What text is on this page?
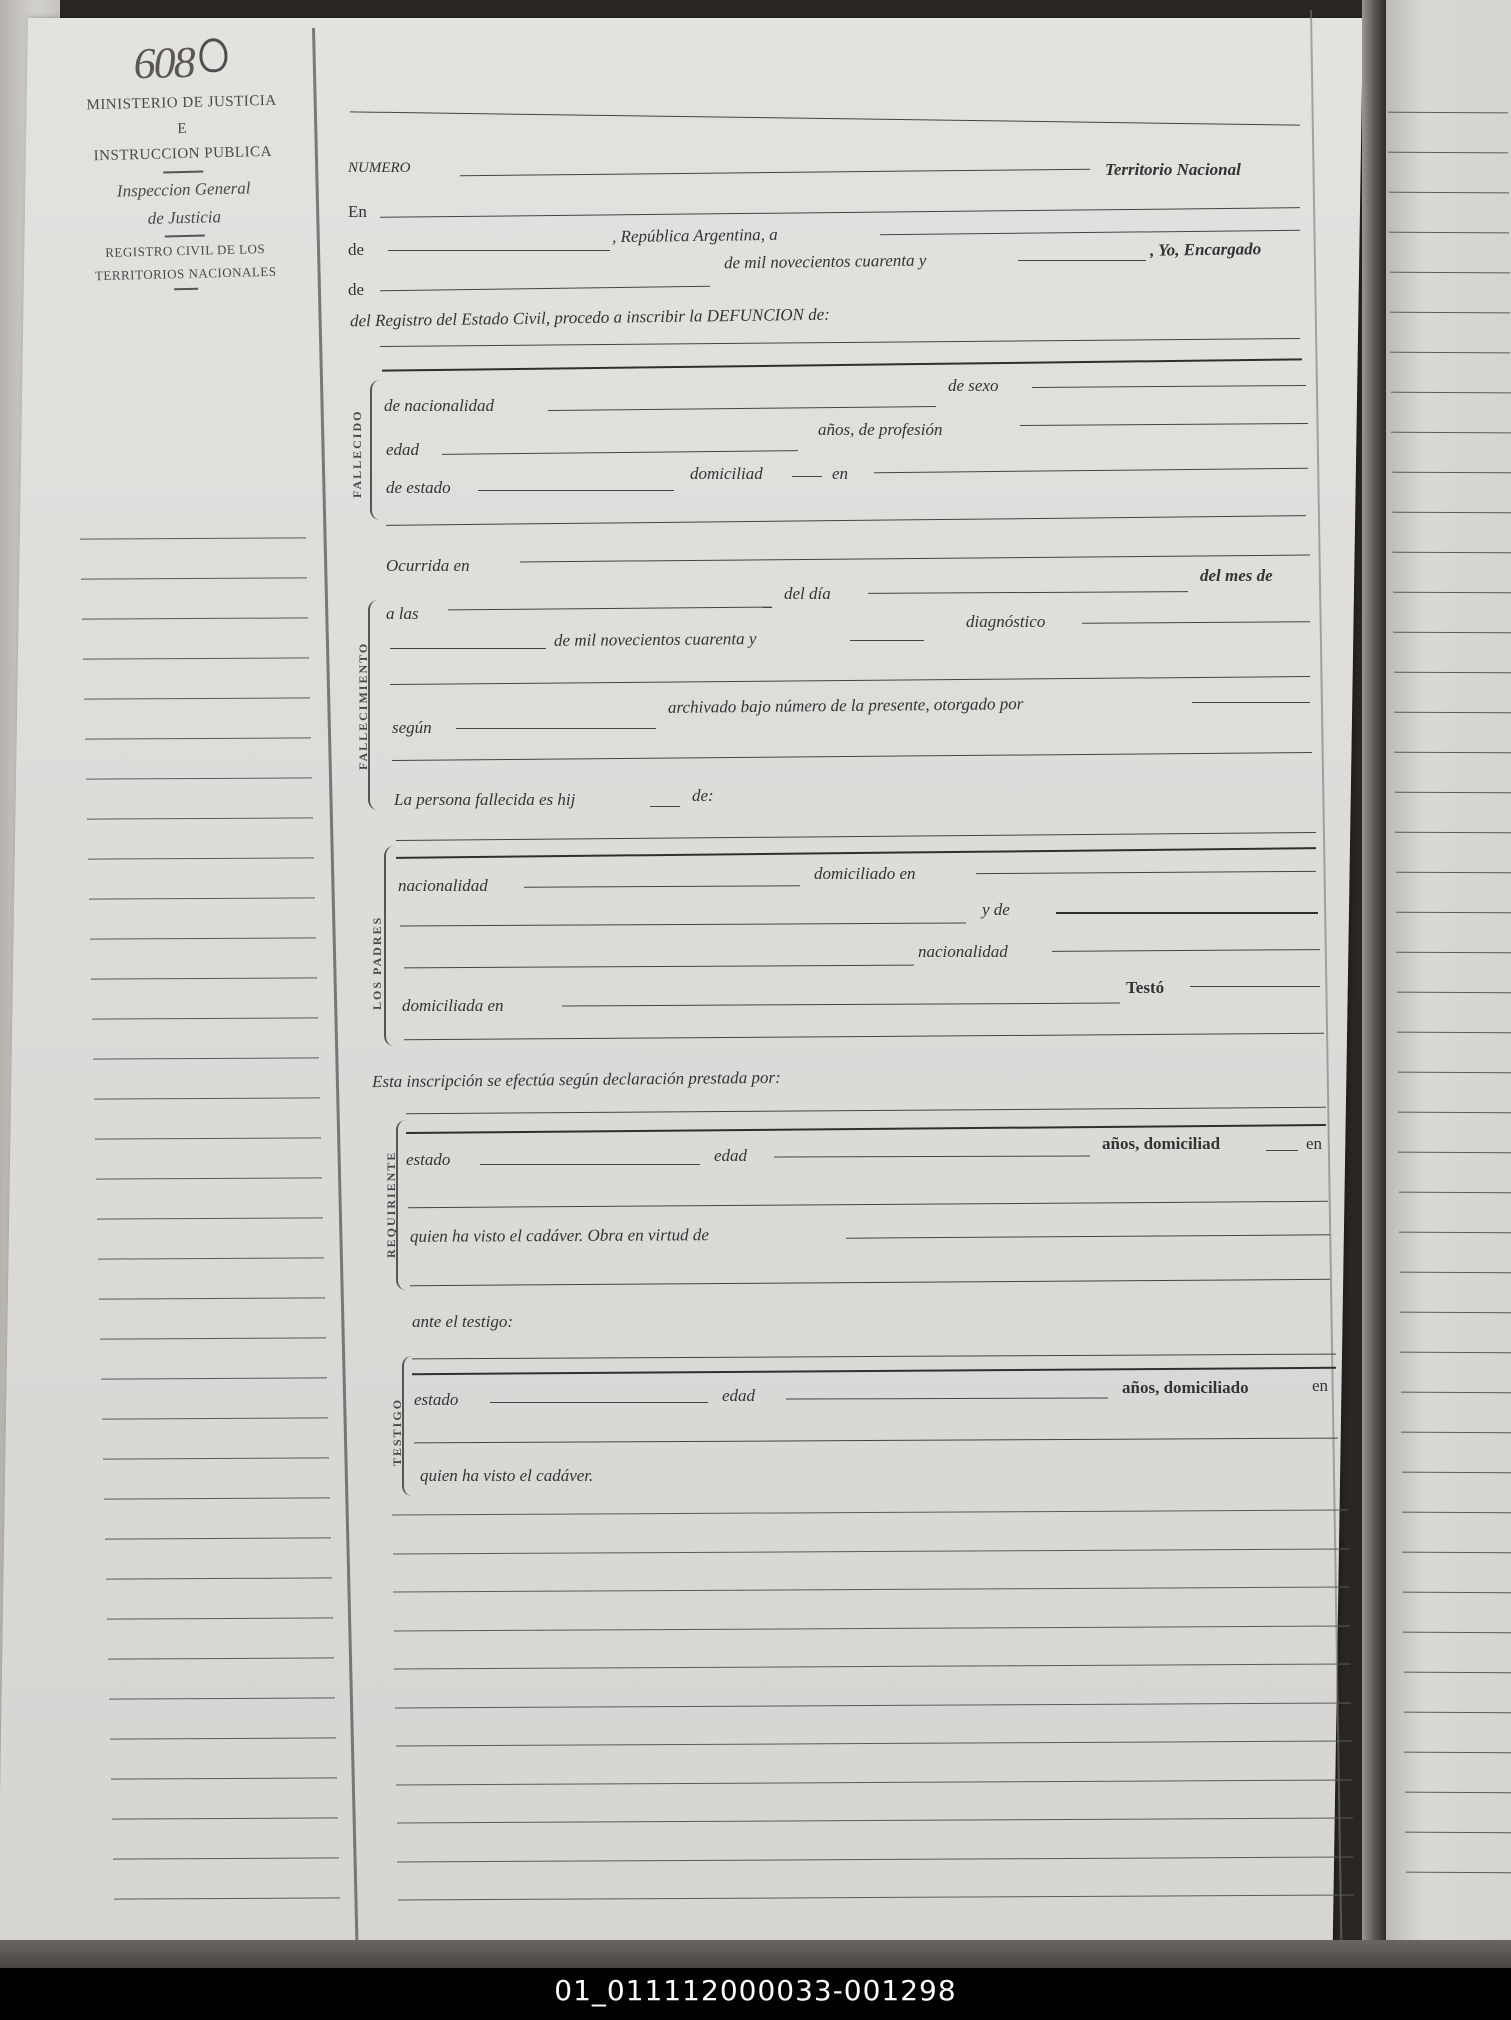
608
MINISTERIO DE JUSTICIA
E
INSTRUCCION PUBLICA
Inspeccion General
de Justicia
REGISTRO CIVIL DE LOS
TERRITORIOS NACIONALES
NUMERO	Territorio Nacional
En
de
, República Argentina, a
de
de mil novecientos cuarenta y
, Yo, Encargado
del Registro del Estado Civil, procedo a inscribir la DEFUNCION de:
FALLECIDO
de nacionalidad
de sexo
edad
años, de profesión
de estado
domiciliad	en
FALLECIMIENTO
Ocurrida en
a las
del día
del mes de
de mil novecientos cuarenta y
diagnóstico
según
archivado bajo número de la presente, otorgado por
La persona fallecida es hij	de:
LOS PADRES
nacionalidad
domiciliado en
y de
nacionalidad
domiciliada en
Testó
Esta inscripción se efectúa según declaración prestada por:
REQUIRIENTE estado	edad
años, domiciliad	en
quien ha visto el cadáver. Obra en virtud de
ante el testigo:
TESTIGO estado	edad	años, domiciliado	en
quien ha visto el cadáver.
01_011112000033-001298
